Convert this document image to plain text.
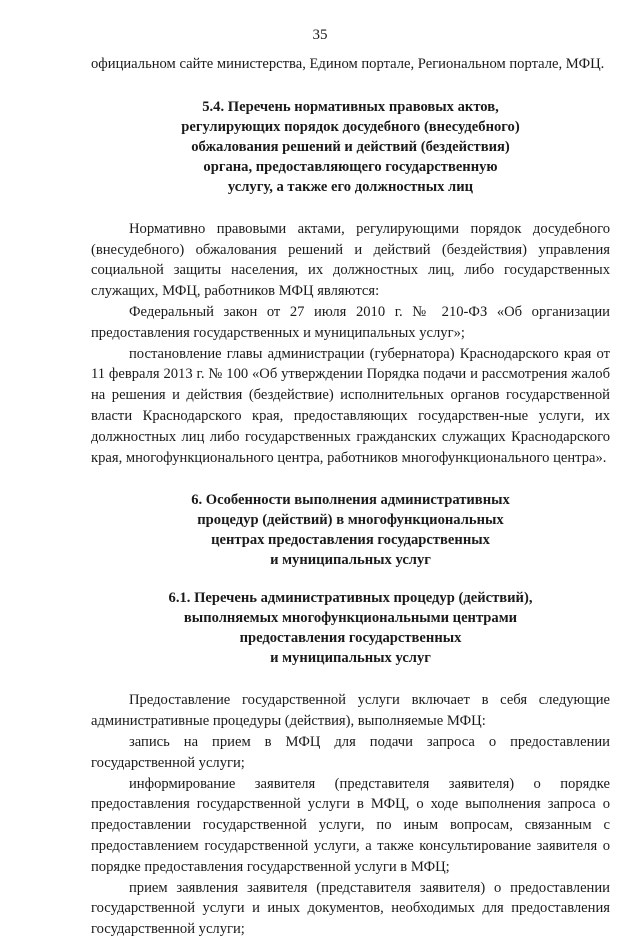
35

официальном сайте министерства, Едином портале, Региональном портале, МФЦ.

5.4. Перечень нормативных правовых актов,
регулирующих порядок досудебного (внесудебного)
обжалования решений и действий (бездействия)
органа, предоставляющего государственную
услугу, а также его должностных лиц

Нормативно правовыми актами, регулирующими порядок досудебного (внесудебного) обжалования решений и действий (бездействия) управления социальной защиты населения, их должностных лиц, либо государственных служащих, МФЦ, работников МФЦ являются:

Федеральный закон от 27 июля 2010 г. № 210-ФЗ «Об организации предоставления государственных и муниципальных услуг»;

постановление главы администрации (губернатора) Краснодарского края от 11 февраля 2013 г. № 100 «Об утверждении Порядка подачи и рассмотрения жалоб на решения и действия (бездействие) исполнительных органов государственной власти Краснодарского края, предоставляющих государствен-ные услуги, их должностных лиц либо государственных гражданских служащих Краснодарского края, многофункционального центра, работников многофункционального центра».

6. Особенности выполнения административных
процедур (действий) в многофункциональных
центрах предоставления государственных
и муниципальных услуг
6.1. Перечень административных процедур (действий),
выполняемых многофункциональными центрами
предоставления государственных
и муниципальных услуг

Предоставление государственной услуги включает в себя следующие административные процедуры (действия), выполняемые МФЦ:

запись на прием в МФЦ для подачи запроса о предоставлении государственной услуги;

информирование заявителя (представителя заявителя) о порядке предоставления государственной услуги в МФЦ, о ходе выполнения запроса о предоставлении государственной услуги, по иным вопросам, связанным с предоставлением государственной услуги, а также консультирование заявителя о порядке предоставления государственной услуги в МФЦ;

прием заявления заявителя (представителя заявителя) о предоставлении государственной услуги и иных документов, необходимых для предоставления государственной услуги;
